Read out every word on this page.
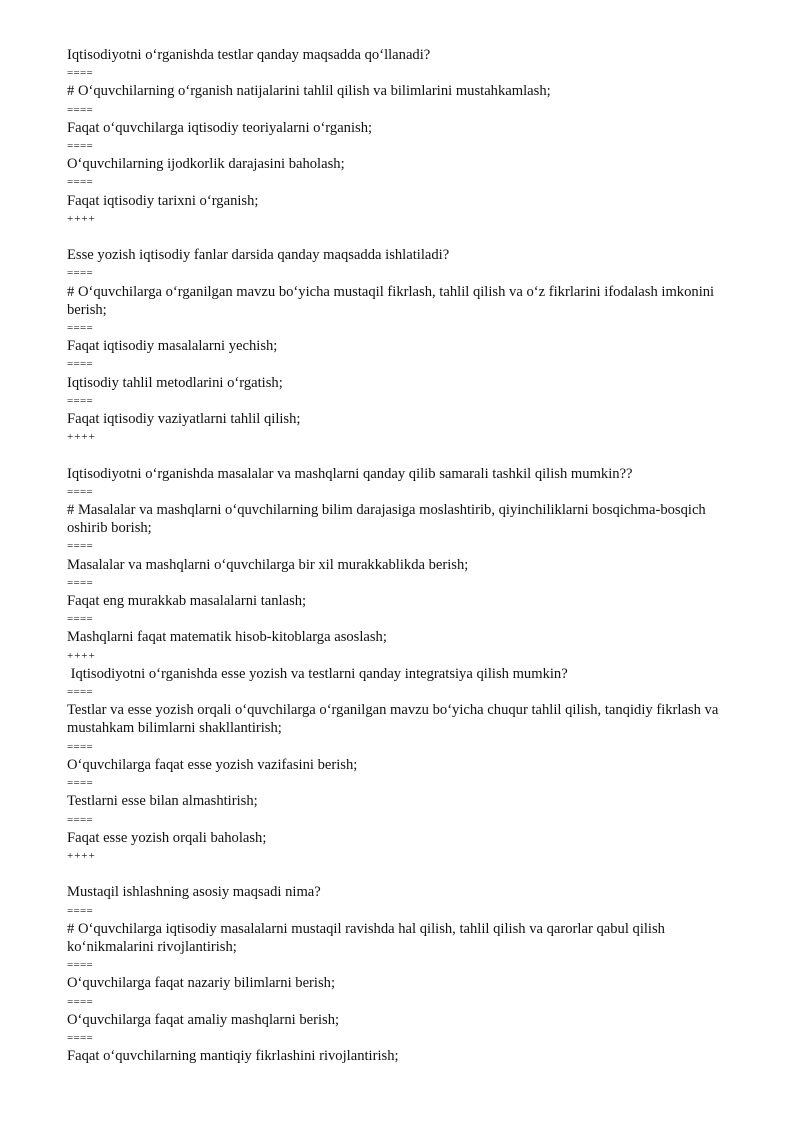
Iqtisodiyotni o‘rganishda testlar qanday maqsadda qo‘llanadi?

====

# O‘quvchilarning o‘rganish natijalarini tahlil qilish va bilimlarini mustahkamlash;

====

Faqat o‘quvchilarga iqtisodiy teoriyalarni o‘rganish;

====

O‘quvchilarning ijodkorlik darajasini baholash;

====

Faqat iqtisodiy tarixni o‘rganish;

++++

Esse yozish iqtisodiy fanlar darsida qanday maqsadda ishlatiladi?

====

# O‘quvchilarga o‘rganilgan mavzu bo‘yicha mustaqil fikrlash, tahlil qilish va o‘z fikrlarini ifodalash imkonini berish;

====

Faqat iqtisodiy masalalarni yechish;

====

Iqtisodiy tahlil metodlarini o‘rgatish;

====

Faqat iqtisodiy vaziyatlarni tahlil qilish;

++++

Iqtisodiyotni o‘rganishda masalalar va mashqlarni qanday qilib samarali tashkil qilish mumkin??

====

# Masalalar va mashqlarni o‘quvchilarning bilim darajasiga moslashtirib, qiyinchiliklarni bosqichma-bosqich oshirib borish;

====

Masalalar va mashqlarni o‘quvchilarga bir xil murakkablikda berish;

====

Faqat eng murakkab masalalarni tanlash;

====

Mashqlarni faqat matematik hisob-kitoblarga asoslash;

++++

Iqtisodiyotni o‘rganishda esse yozish va testlarni qanday integratsiya qilish mumkin?

====

Testlar va esse yozish orqali o‘quvchilarga o‘rganilgan mavzu bo‘yicha chuqur tahlil qilish, tanqidiy fikrlash va mustahkam bilimlarni shakllantirish;

====

O‘quvchilarga faqat esse yozish vazifasini berish;

====

Testlarni esse bilan almashtirish;

====

Faqat esse yozish orqali baholash;

++++

Mustaqil ishlashning asosiy maqsadi nima?

====

# O‘quvchilarga iqtisodiy masalalarni mustaqil ravishda hal qilish, tahlil qilish va qarorlar qabul qilish ko‘nikmalarini rivojlantirish;

====

O‘quvchilarga faqat nazariy bilimlarni berish;

====

O‘quvchilarga faqat amaliy mashqlarni berish;

====

Faqat o‘quvchilarning mantiqiy fikrlashini rivojlantirish;
